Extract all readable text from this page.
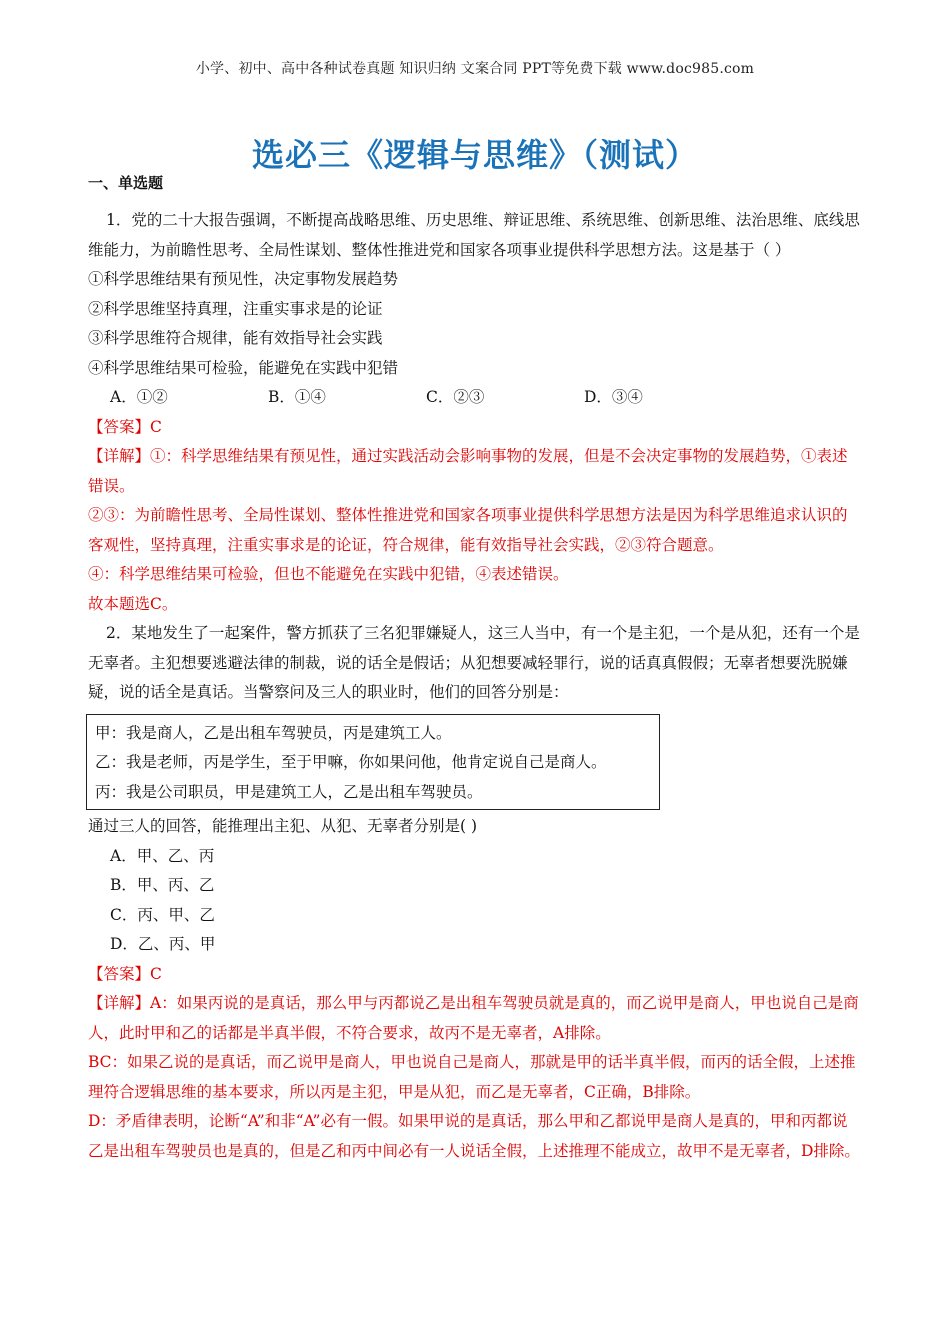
小学、初中、高中各种试卷真题 知识归纳 文案合同 PPT等免费下载 www.doc985.com
选必三《逻辑与思维》（测试）
一、单选题

1．党的二十大报告强调，不断提高战略思维、历史思维、辩证思维、系统思维、创新思维、法治思维、底线思维能力，为前瞻性思考、全局性谋划、整体性推进党和国家各项事业提供科学思想方法。这是基于（ ）

①科学思维结果有预见性，决定事物发展趋势

②科学思维坚持真理，注重实事求是的论证

③科学思维符合规律，能有效指导社会实践

④科学思维结果可检验，能避免在实践中犯错

A．①②	B．①④	C．②③	D．③④

【答案】C

【详解】①：科学思维结果有预见性，通过实践活动会影响事物的发展，但是不会决定事物的发展趋势，①表述错误。

②③：为前瞻性思考、全局性谋划、整体性推进党和国家各项事业提供科学思想方法是因为科学思维追求认识的客观性，坚持真理，注重实事求是的论证，符合规律，能有效指导社会实践，②③符合题意。

④：科学思维结果可检验，但也不能避免在实践中犯错，④表述错误。

故本题选C。

2．某地发生了一起案件，警方抓获了三名犯罪嫌疑人，这三人当中，有一个是主犯，一个是从犯，还有一个是无辜者。主犯想要逃避法律的制裁，说的话全是假话；从犯想要减轻罪行，说的话真真假假；无辜者想要洗脱嫌疑，说的话全是真话。当警察问及三人的职业时，他们的回答分别是：

甲：我是商人，乙是出租车驾驶员，丙是建筑工人。

乙：我是老师，丙是学生，至于甲嘛，你如果问他，他肯定说自己是商人。

丙：我是公司职员，甲是建筑工人，乙是出租车驾驶员。

通过三人的回答，能推理出主犯、从犯、无辜者分别是( )

A．甲、乙、丙

B．甲、丙、乙

C．丙、甲、乙

D．乙、丙、甲

【答案】C

【详解】A：如果丙说的是真话，那么甲与丙都说乙是出租车驾驶员就是真的，而乙说甲是商人，甲也说自己是商人，此时甲和乙的话都是半真半假，不符合要求，故丙不是无辜者，A排除。

BC：如果乙说的是真话，而乙说甲是商人，甲也说自己是商人，那就是甲的话半真半假，而丙的话全假，上述推理符合逻辑思维的基本要求，所以丙是主犯，甲是从犯，而乙是无辜者，C正确，B排除。

D：矛盾律表明，论断“A”和非“A”必有一假。如果甲说的是真话，那么甲和乙都说甲是商人是真的，甲和丙都说乙是出租车驾驶员也是真的，但是乙和丙中间必有一人说话全假，上述推理不能成立，故甲不是无辜者，D排除。
